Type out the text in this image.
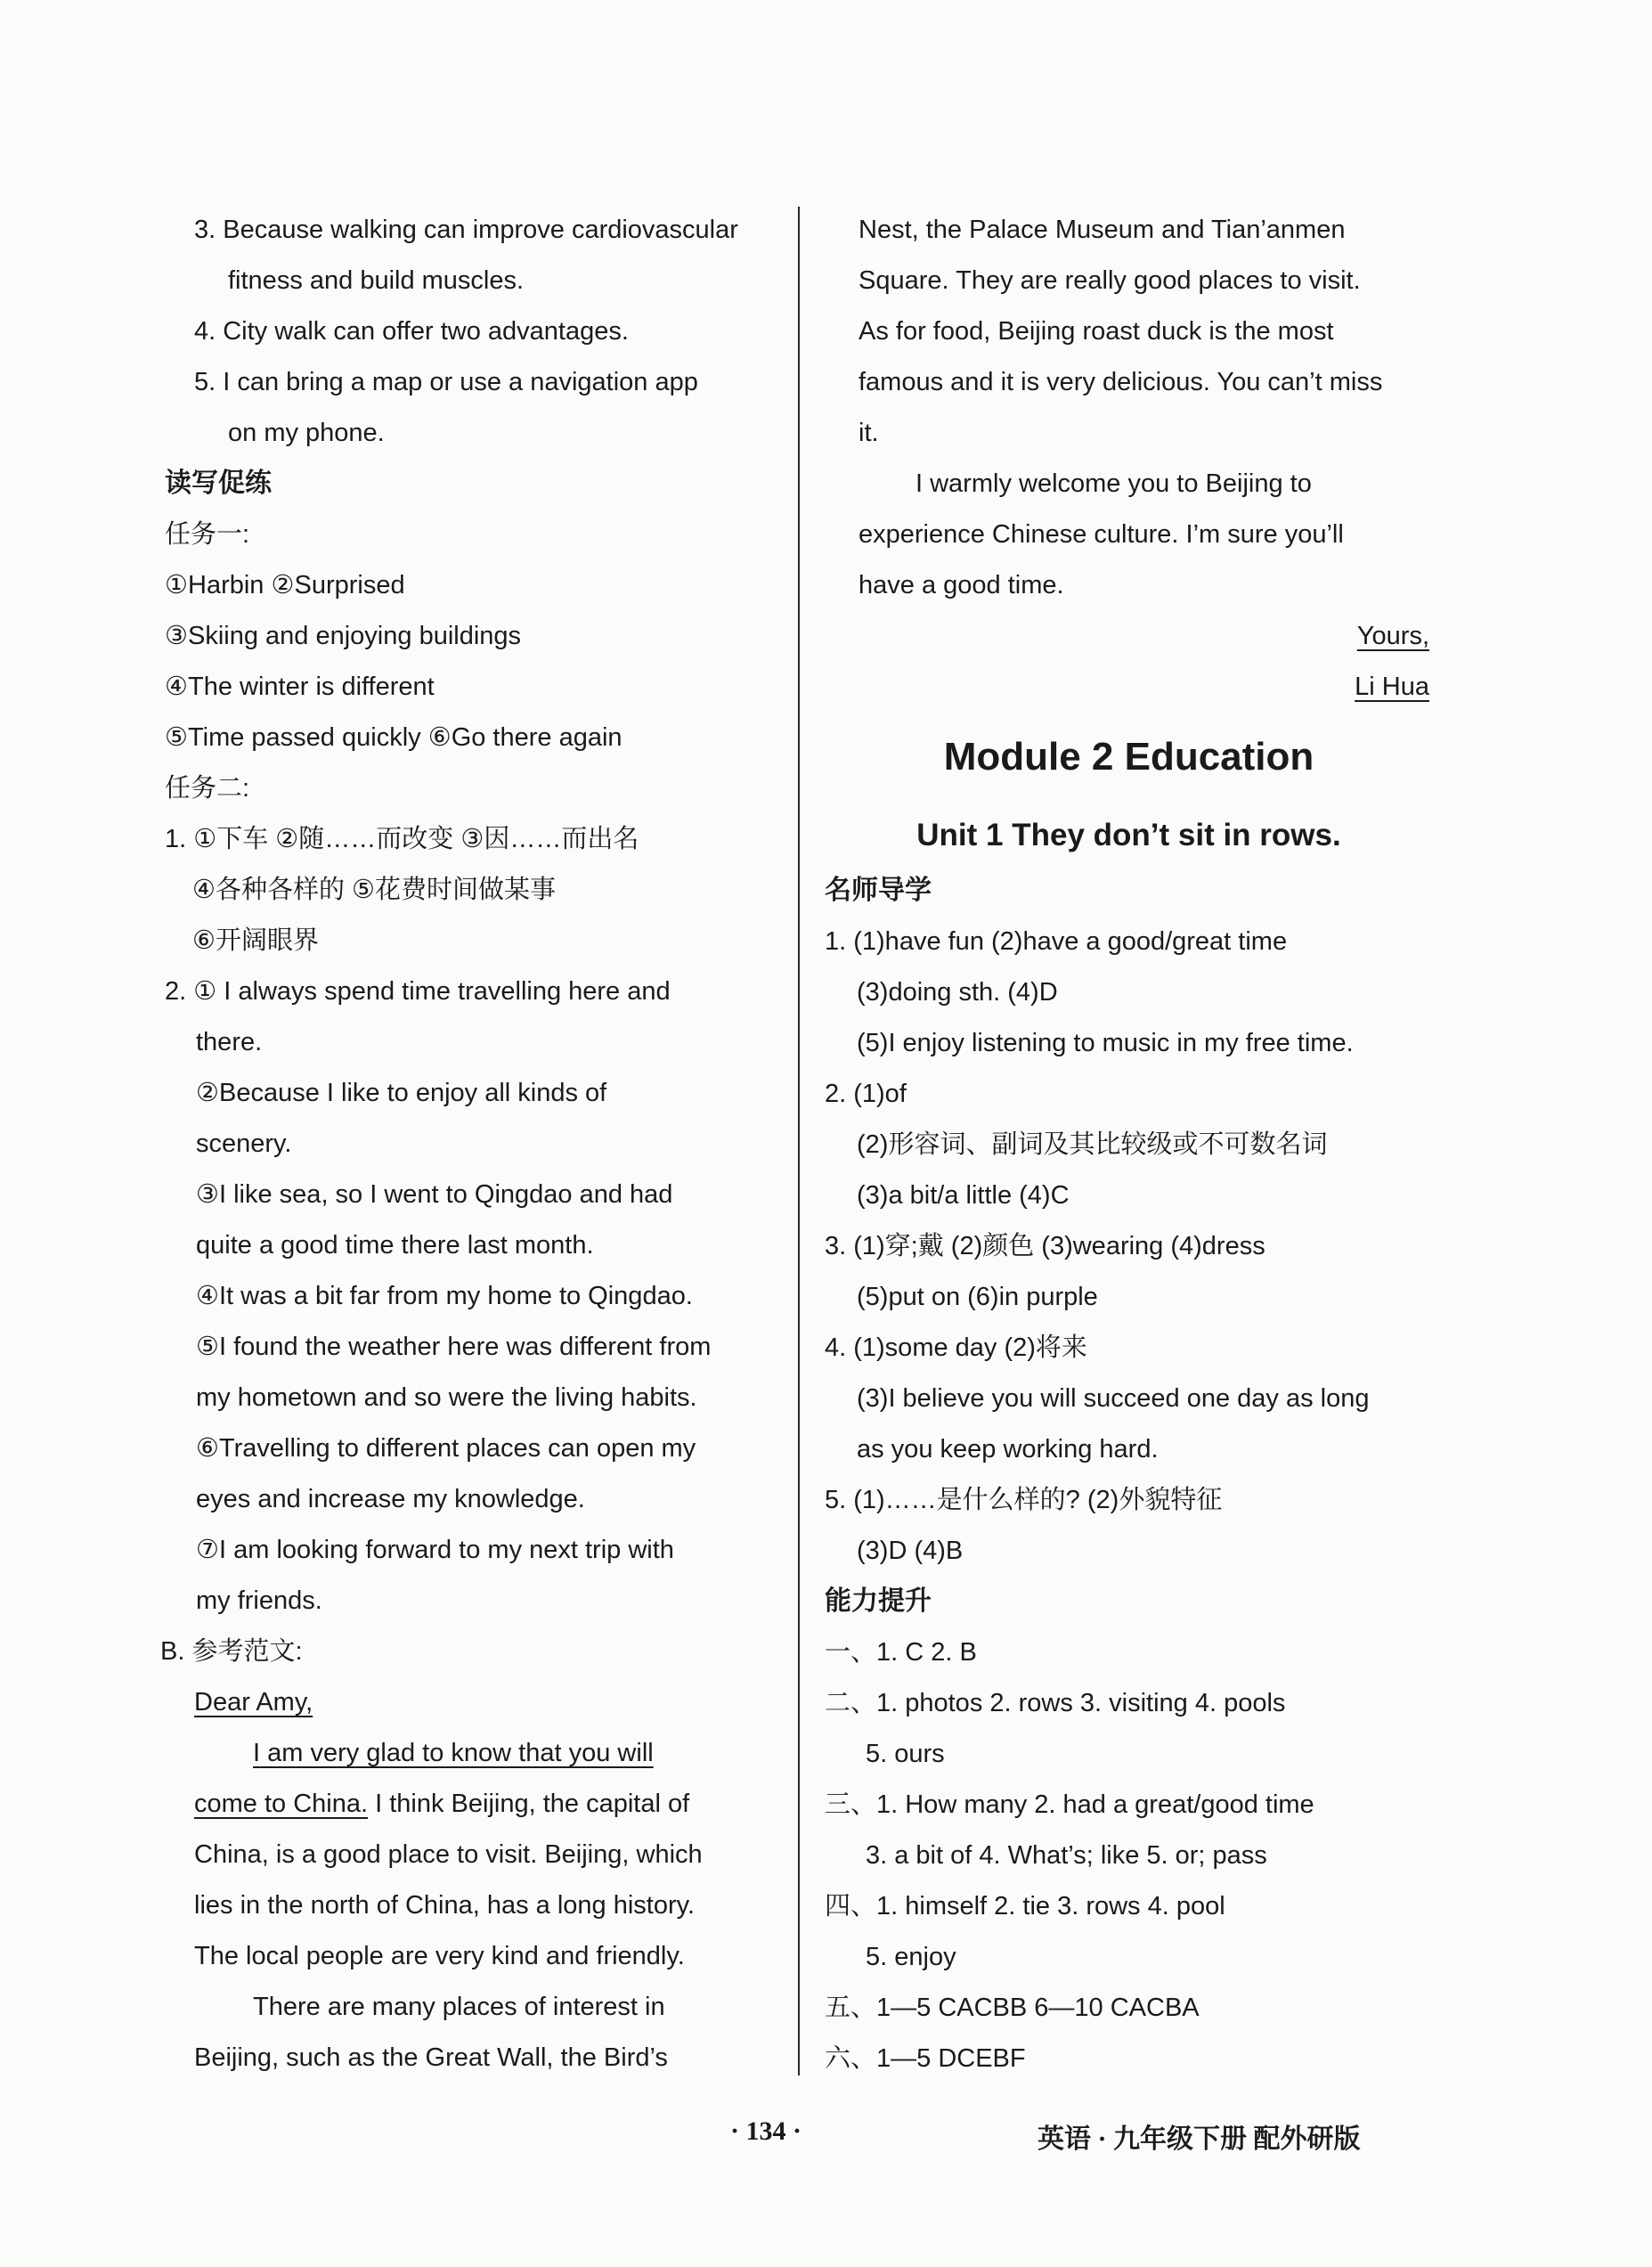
3. Because walking can improve cardiovascular
fitness and build muscles.
4. City walk can offer two advantages.
5. I can bring a map or use a navigation app
on my phone.
读写促练
任务一:
①Harbin ②Surprised
③Skiing and enjoying buildings
④The winter is different
⑤Time passed quickly ⑥Go there again
任务二:
1. ①下车 ②随……而改变 ③因……而出名
④各种各样的 ⑤花费时间做某事
⑥开阔眼界
2. ① I always spend time travelling here and
there.
②Because I like to enjoy all kinds of
scenery.
③I like sea, so I went to Qingdao and had
quite a good time there last month.
④It was a bit far from my home to Qingdao.
⑤I found the weather here was different from
my hometown and so were the living habits.
⑥Travelling to different places can open my
eyes and increase my knowledge.
⑦I am looking forward to my next trip with
my friends.
B. 参考范文:
Dear Amy,
I am very glad to know that you will
come to China. I think Beijing, the capital of
China, is a good place to visit. Beijing, which
lies in the north of China, has a long history.
The local people are very kind and friendly.
There are many places of interest in
Beijing, such as the Great Wall, the Bird’s
Nest, the Palace Museum and Tian’anmen
Square. They are really good places to visit.
As for food, Beijing roast duck is the most
famous and it is very delicious. You can’t miss
it.
I warmly welcome you to Beijing to
experience Chinese culture. I’m sure you’ll
have a good time.
Yours,
Li Hua
Module 2 Education
Unit 1 They don’t sit in rows.
名师导学
1. (1)have fun (2)have a good/great time
(3)doing sth. (4)D
(5)I enjoy listening to music in my free time.
2. (1)of
(2)形容词、副词及其比较级或不可数名词
(3)a bit/a little (4)C
3. (1)穿;戴 (2)颜色 (3)wearing (4)dress
(5)put on (6)in purple
4. (1)some day (2)将来
(3)I believe you will succeed one day as long
as you keep working hard.
5. (1)……是什么样的? (2)外貌特征
(3)D (4)B
能力提升
一、1. C 2. B
二、1. photos 2. rows 3. visiting 4. pools
5. ours
三、1. How many 2. had a great/good time
3. a bit of 4. What’s; like 5. or; pass
四、1. himself 2. tie 3. rows 4. pool
5. enjoy
五、1—5 CACBB 6—10 CACBA
六、1—5 DCEBF
· 134 ·	英语 · 九年级下册 配外研版
